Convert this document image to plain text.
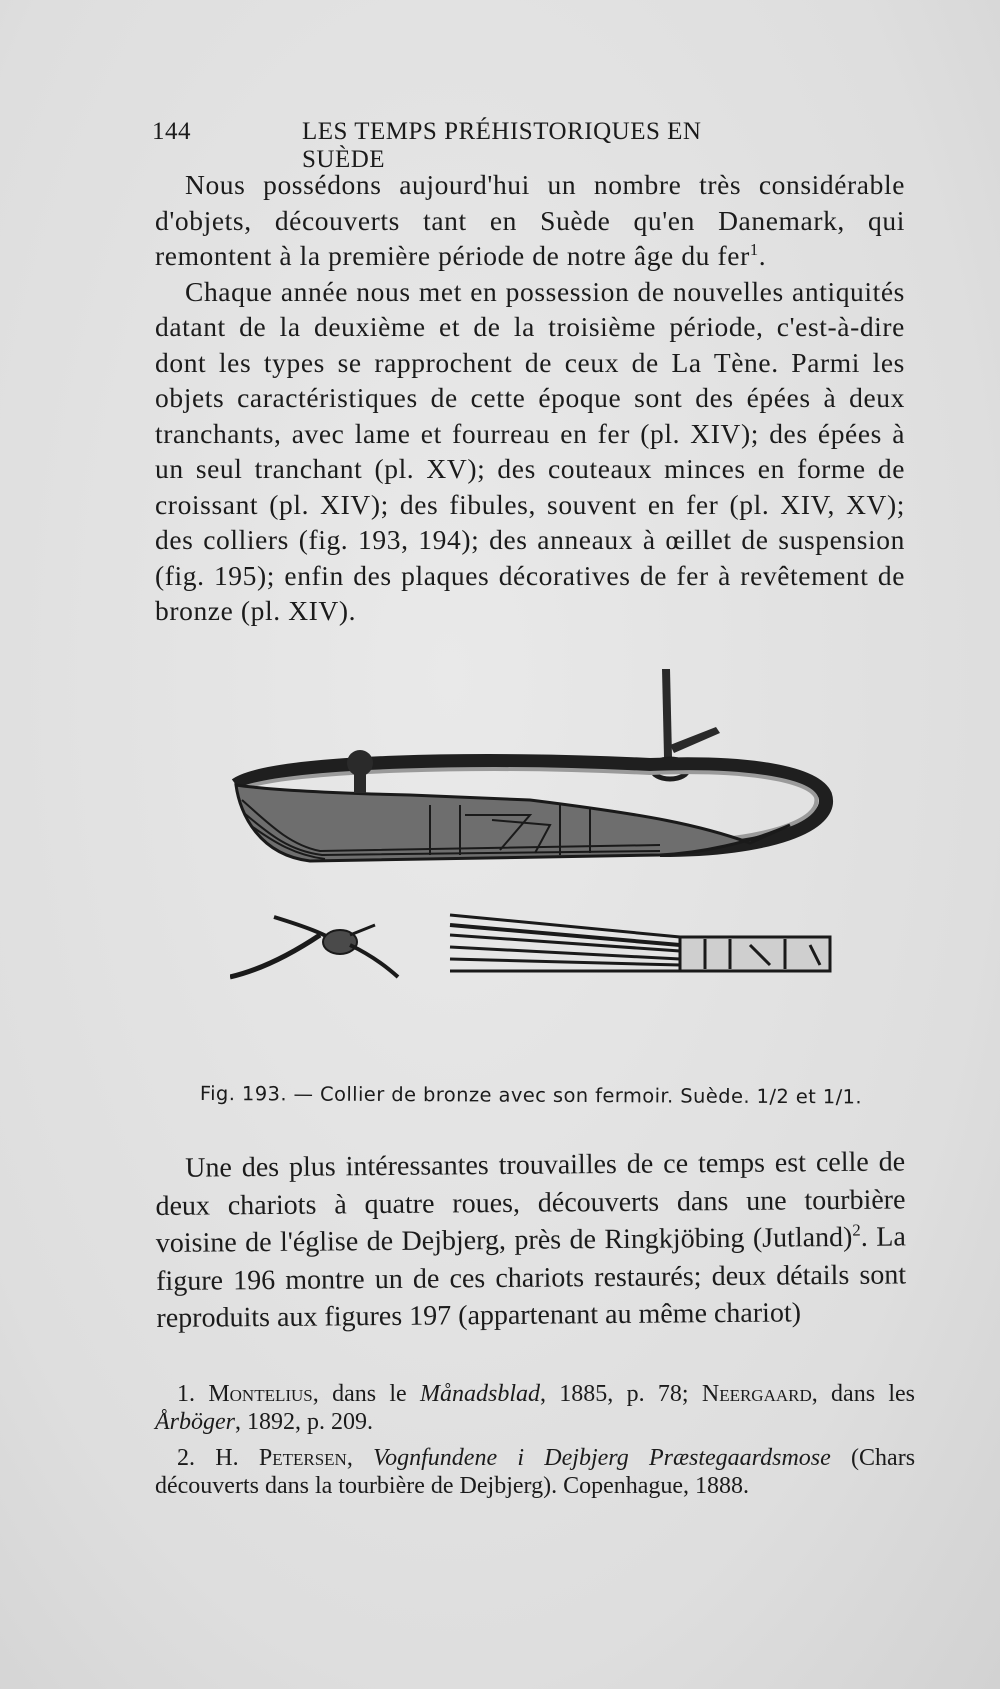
144	LES TEMPS PRÉHISTORIQUES EN SUÈDE

Nous possédons aujourd'hui un nombre très considérable d'objets, découverts tant en Suède qu'en Danemark, qui remontent à la première période de notre âge du fer$^1$.

Chaque année nous met en possession de nouvelles antiquités datant de la deuxième et de la troisième période, c'est-à-dire dont les types se rapprochent de ceux de La Tène. Parmi les objets caractéristiques de cette époque sont des épées à deux tranchants, avec lame et fourreau en fer (pl. XIV); des épées à un seul tranchant (pl. XV); des couteaux minces en forme de croissant (pl. XIV); des fibules, souvent en fer (pl. XIV, XV); des colliers (fig. 193, 194); des anneaux à œillet de suspension (fig. 195); enfin des plaques décoratives de fer à revêtement de bronze (pl. XIV).

Fig. 193. — Collier de bronze avec son fermoir. Suède. 1/2 et 1/1.

Une des plus intéressantes trouvailles de ce temps est celle de deux chariots à quatre roues, découverts dans une tourbière voisine de l'église de Dejbjerg, près de Ringkjöbing (Jutland)$^2$. La figure 196 montre un de ces chariots restaurés; deux détails sont reproduits aux figures 197 (appartenant au même chariot)

1. Montelius, dans le Månadsblad, 1885, p. 78; Neergaard, dans les Årböger, 1892, p. 209.

2. H. Petersen, Vognfundene i Dejbjerg Præstegaardsmose (Chars découverts dans la tourbière de Dejbjerg). Copenhague, 1888.
